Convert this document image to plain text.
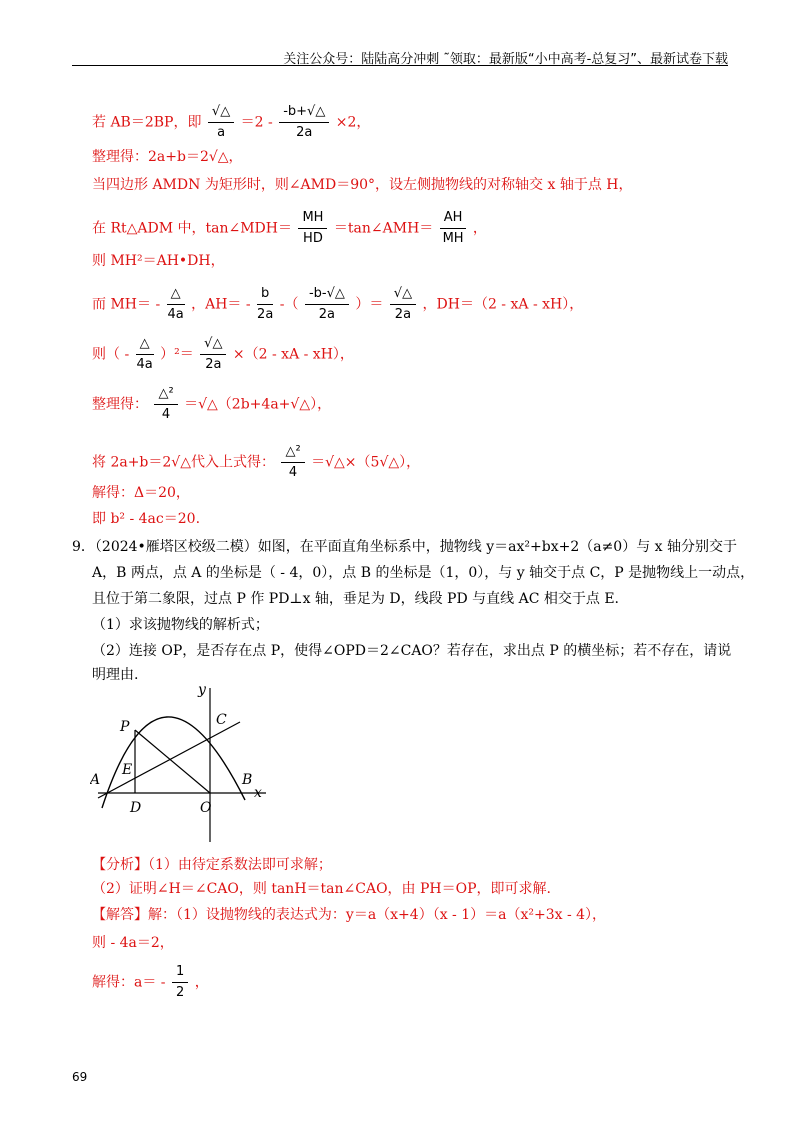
关注公众号：陆陆高分冲刺 ˜领取：最新版“小中高考-总复习”、最新试卷下载
若 AB＝2BP，即 $\frac{√\triangle}{a} =2 - \frac{-b+√\triangle}{2a} \times 2$，
整理得：2a+b＝2√△，
当四边形 AMDN 为矩形时，则∠AMD＝90°，设左侧抛物线的对称轴交 x 轴于点 H，
在 Rt△ADM 中，tan∠MDH＝ $\frac{MH}{HD}$ ＝tan∠AMH＝ $\frac{AH}{MH}$ ，
则 MH²＝AH•DH，
而 $MH= - \frac{\triangle}{4a}$ ，$AH= - \frac{b}{2a}$ -（ $\frac{-b-√\triangle}{2a}$ ）＝ $\frac{√\triangle}{2a}$ ，DH＝（2 - xA - xH），
则（ - $\frac{\triangle}{4a} )^2= \frac{√\triangle}{2a} \times(2$ - xA - xH），
整理得： $\frac{\text{△²}}{4}$ ＝√△（2b+4a+√△），
将 2a+b＝2√△代入上式得： $\frac{\text{△²}}{4}$ ＝√△×（5√△），
解得：Δ＝20，
即 b² - 4ac＝20.
9．（2024•雁塔区校级二模）如图，在平面直角坐标系中，抛物线 y＝ax²+bx+2（a≠0）与 x 轴分别交于
A，B 两点，点 A 的坐标是（ - 4，0），点 B 的坐标是（1，0），与 y 轴交于点 C，P 是抛物线上一动点，
且位于第二象限，过点 P 作 PD⊥x 轴，垂足为 D，线段 PD 与直线 AC 相交于点 E.
（1）求该抛物线的解析式；
（2）连接 OP，是否存在点 P，使得∠OPD＝2∠CAO？若存在，求出点 P 的横坐标；若不存在，请说
明理由.
A	B
C
D
E
O
P
x
y
【分析】（1）由待定系数法即可求解；
（2）证明∠H＝∠CAO，则 tanH＝tan∠CAO，由 PH＝OP，即可求解.
【解答】解：（1）设抛物线的表达式为：y＝a（x+4）（x - 1）＝a（x²+3x - 4），
则 - 4a＝2，
解得：$a= - \frac{1}{2}$ ，
69
